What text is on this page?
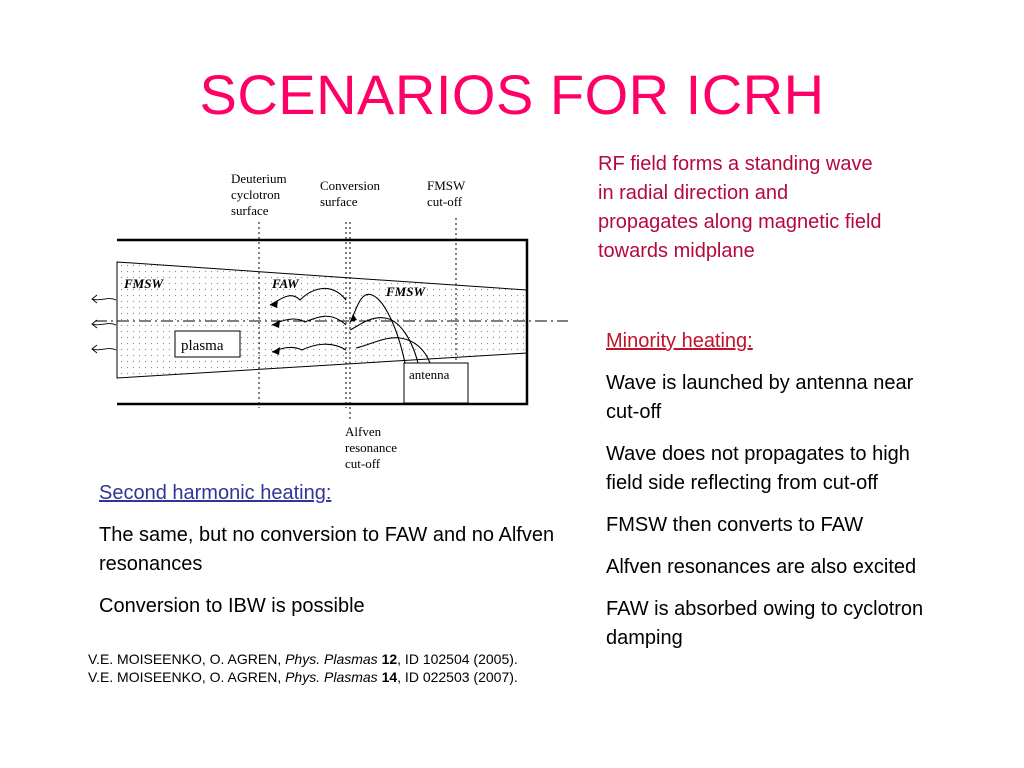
SCENARIOS FOR ICRH
RF field forms a standing wave in radial direction and propagates along magnetic field towards midplane
Deuterium
cyclotron
surface
Conversion
surface
FMSW
cut-off
Alfven
resonance
cut-off
plasma
antenna
FMSW	FAW
FMSW

Minority heating:

Wave is launched by antenna near cut-off

Wave does not propagates to high field side reflecting from cut-off

FMSW then converts to FAW

Alfven resonances are also excited

FAW is absorbed owing to cyclotron damping

Second harmonic heating:

The same, but no conversion to FAW and no Alfven resonances

Conversion to IBW is possible

V.E. MOISEENKO, O. AGREN, Phys. Plasmas 12, ID 102504 (2005).
V.E. MOISEENKO, O. AGREN, Phys. Plasmas 14, ID 022503 (2007).
